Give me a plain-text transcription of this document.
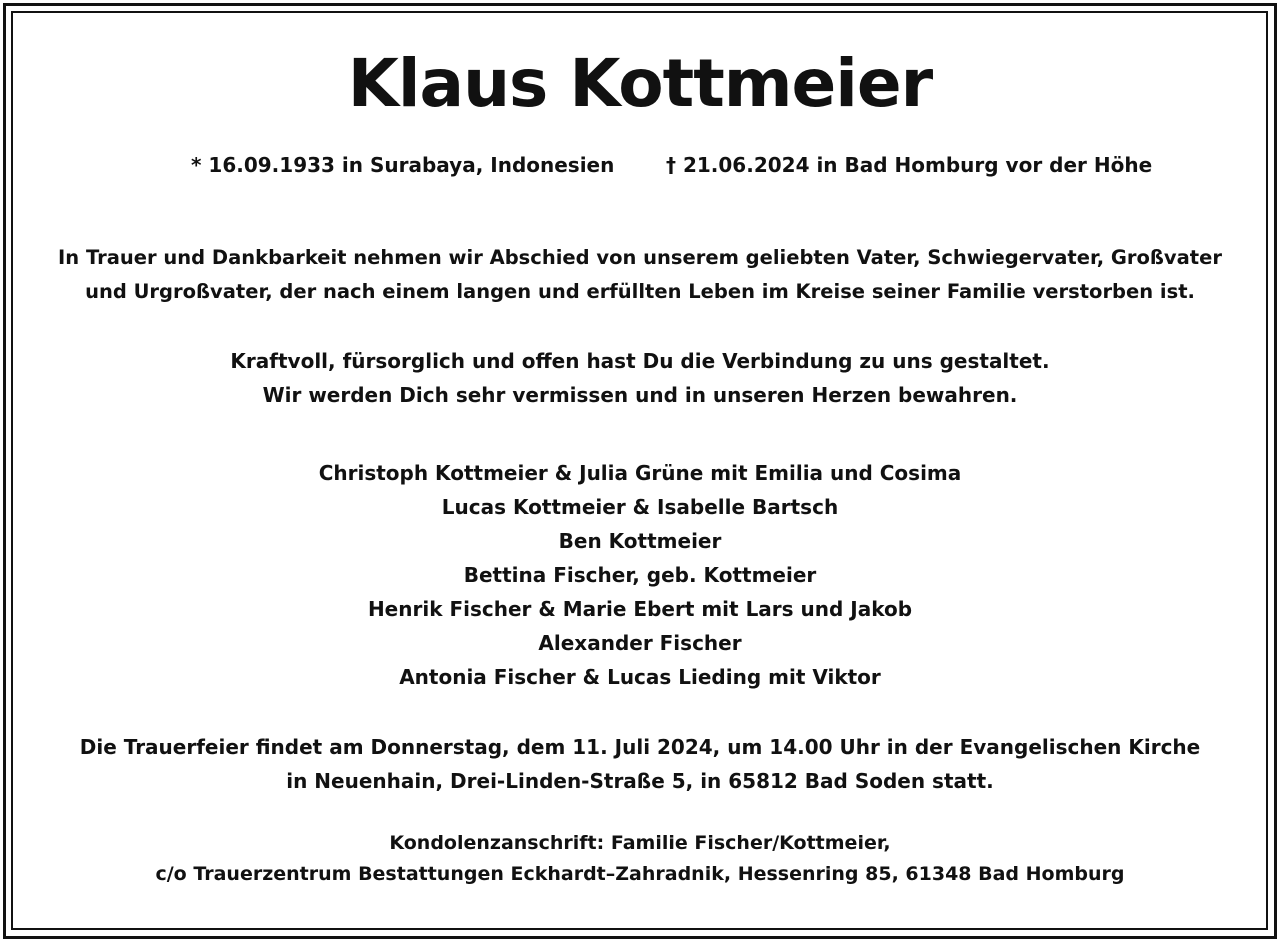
Klaus Kottmeier
* 16.09.1933 in Surabaya, Indonesien	† 21.06.2024 in Bad Homburg vor der Höhe
In Trauer und Dankbarkeit nehmen wir Abschied von unserem geliebten Vater, Schwiegervater, Großvater
und Urgroßvater, der nach einem langen und erfüllten Leben im Kreise seiner Familie verstorben ist.
Kraftvoll, fürsorglich und offen hast Du die Verbindung zu uns gestaltet.
Wir werden Dich sehr vermissen und in unseren Herzen bewahren.
Christoph Kottmeier & Julia Grüne mit Emilia und Cosima
Lucas Kottmeier & Isabelle Bartsch
Ben Kottmeier
Bettina Fischer, geb. Kottmeier
Henrik Fischer & Marie Ebert mit Lars und Jakob
Alexander Fischer
Antonia Fischer & Lucas Lieding mit Viktor
Die Trauerfeier findet am Donnerstag, dem 11. Juli 2024, um 14.00 Uhr in der Evangelischen Kirche
in Neuenhain, Drei-Linden-Straße 5, in 65812 Bad Soden statt.
Kondolenzanschrift: Familie Fischer/Kottmeier,
c/o Trauerzentrum Bestattungen Eckhardt–Zahradnik, Hessenring 85, 61348 Bad Homburg
